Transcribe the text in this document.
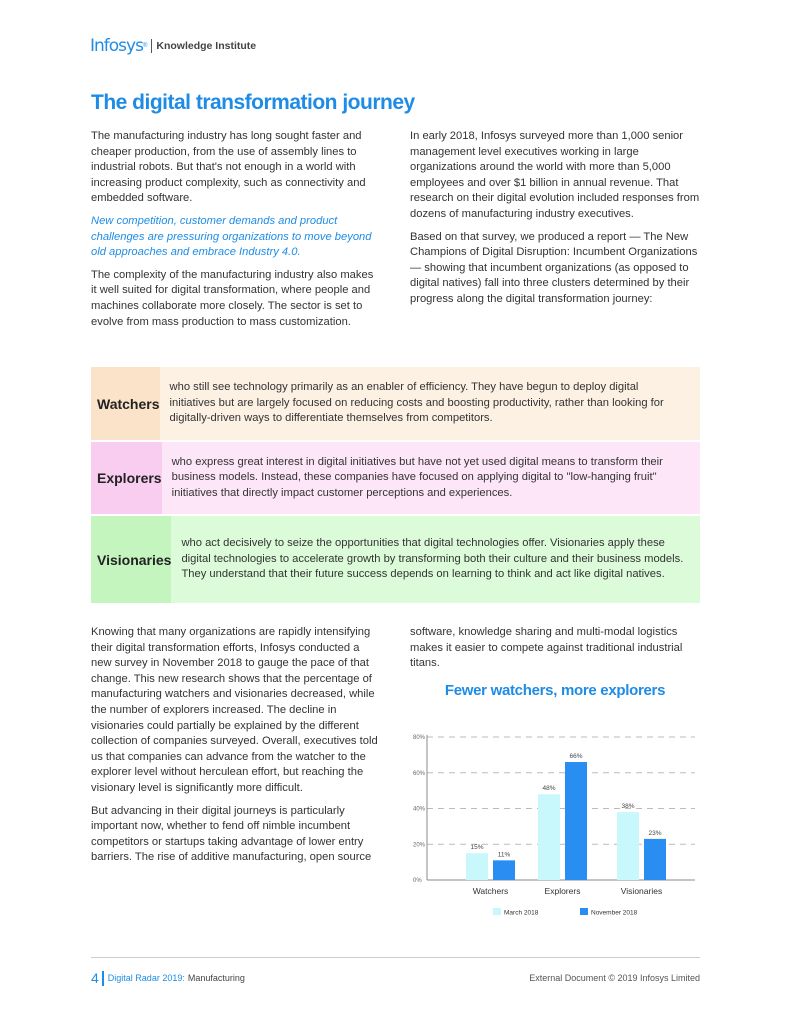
Infosys ® Knowledge Institute
The digital transformation journey

The manufacturing industry has long sought faster and cheaper production, from the use of assembly lines to industrial robots. But that's not enough in a world with increasing product complexity, such as connectivity and embedded software.

New competition, customer demands and product challenges are pressuring organizations to move beyond old approaches and embrace Industry 4.0.

The complexity of the manufacturing industry also makes it well suited for digital transformation, where people and machines collaborate more closely. The sector is set to evolve from mass production to mass customization.

In early 2018, Infosys surveyed more than 1,000 senior management level executives working in large organizations around the world with more than 5,000 employees and over $1 billion in annual revenue. That research on their digital evolution included responses from dozens of manufacturing industry executives.

Based on that survey, we produced a report — The New Champions of Digital Disruption: Incumbent Organizations — showing that incumbent organizations (as opposed to digital natives) fall into three clusters determined by their progress along the digital transformation journey:

Watchers
who still see technology primarily as an enabler of efficiency. They have begun to deploy digital initiatives but are largely focused on reducing costs and boosting productivity, rather than looking for digitally-driven ways to differentiate themselves from competitors.
Explorers
who express great interest in digital initiatives but have not yet used digital means to transform their business models. Instead, these companies have focused on applying digital to "low-hanging fruit" initiatives that directly impact customer perceptions and experiences.
Visionaries
who act decisively to seize the opportunities that digital technologies offer. Visionaries apply these digital technologies to accelerate growth by transforming both their culture and their business models. They understand that their future success depends on learning to think and act like digital natives.

Knowing that many organizations are rapidly intensifying their digital transformation efforts, Infosys conducted a new survey in November 2018 to gauge the pace of that change. This new research shows that the percentage of manufacturing watchers and visionaries decreased, while the number of explorers increased. The decline in visionaries could partially be explained by the different collection of companies surveyed. Overall, executives told us that companies can advance from the watcher to the explorer level without herculean effort, but reaching the visionary level is significantly more difficult.

But advancing in their digital journeys is particularly important now, whether to fend off nimble incumbent competitors or startups taking advantage of lower entry barriers. The rise of additive manufacturing, open source

software, knowledge sharing and multi-modal logistics makes it easier to compete against traditional industrial titans.

Fewer watchers, more explorers
0%
20%
40%
60%
80%
15%
11%
Watchers
48%
66%
Explorers
38%
23%
Visionaries
March 2018	November 2018
4 Digital Radar 2019: Manufacturing	External Document © 2019 Infosys Limited
